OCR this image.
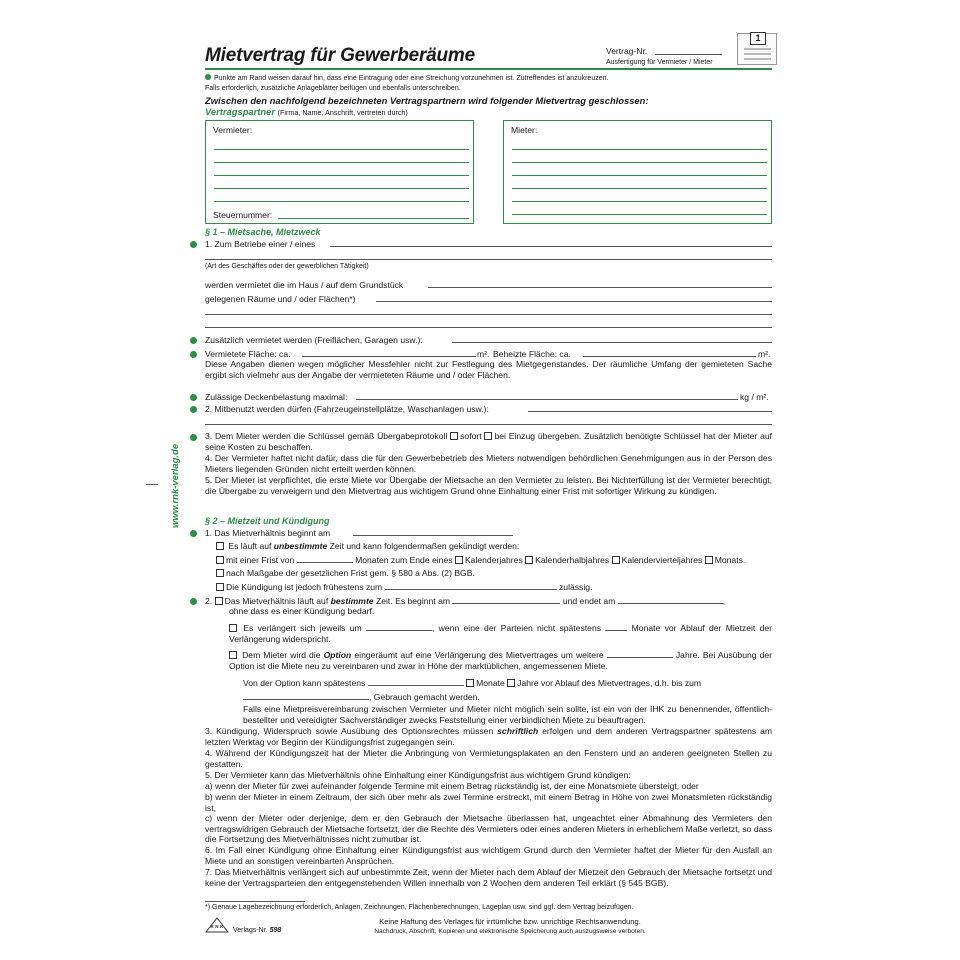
Mietvertrag für Gewerberäume	Vertrag-Nr.
Ausfertigung für Vermieter / Mieter
1
Punkte am Rand weisen darauf hin, dass eine Eintragung oder eine Streichung vorzunehmen ist. Zutreffendes ist anzukreuzen.
Falls erforderlich, zusätzliche Anlageblätter beifügen und ebenfalls unterschreiben.
Zwischen den nachfolgend bezeichneten Vertragspartnern wird folgender Mietvertrag geschlossen:
Vertragspartner (Firma, Name, Anschrift, vertreten durch)
Vermieter:
Steuernummer:
Mieter:
www.rnk-verlag.de
§ 1 – Mietsache, Mietzweck
1. Zum Betriebe einer / eines
(Art des Geschäftes oder der gewerblichen Tätigkeit)
werden vermietet die im Haus / auf dem Grundstück
gelegenen Räume und / oder Flächen*)
Zusätzlich vermietet werden (Freiflächen, Garagen usw.):
Vermietete Fläche: ca.	m². Beheizte Fläche: ca.	m².
Diese Angaben dienen wegen möglicher Messfehler nicht zur Festlegung des Mietgegenstandes. Der räumliche Umfang der gemieteten Sache ergibt sich vielmehr aus der Angabe der vermieteten Räume und / oder Flächen.
Zulässige Deckenbelastung maximal:	kg / m².
2. Mitbenutzt werden dürfen (Fahrzeugeinstellplätze, Waschanlagen usw.):
3. Dem Mieter werden die Schlüssel gemäß Übergabeprotokoll sofort bei Einzug übergeben. Zusätzlich benötigte Schlüssel hat der Mieter auf seine Kosten zu beschaffen.
4. Der Vermieter haftet nicht dafür, dass die für den Gewerbebetrieb des Mieters notwendigen behördlichen Genehmigungen aus in der Person des Mieters liegenden Gründen nicht erteilt werden können.
5. Der Mieter ist verpflichtet, die erste Miete vor Übergabe der Mietsache an den Vermieter zu leisten. Bei Nichterfüllung ist der Vermieter berechtigt, die Übergabe zu verweigern und den Mietvertrag aus wichtigem Grund ohne Einhaltung einer Frist mit sofortiger Wirkung zu kündigen.
§ 2 – Mietzeit und Kündigung
1. Das Mietverhältnis beginnt am
Es läuft auf unbestimmte Zeit und kann folgendermaßen gekündigt werden:
mit einer Frist von	Monaten zum Ende eines Kalenderjahres Kalenderhalbjahres Kalendervierteljahres Monats.
nach Maßgabe der gesetzlichen Frist gem. § 580 a Abs. (2) BGB.
Die Kündigung ist jedoch frühestens zum	zulässig.
2. Das Mietverhältnis läuft auf bestimmte Zeit. Es beginnt am	und endet am	,
ohne dass es einer Kündigung bedarf.
Es verlängert sich jeweils um	, wenn eine der Parteien nicht spätestens	Monate vor Ablauf der Mietzeit der Verlängerung widerspricht.
Dem Mieter wird die Option eingeräumt auf eine Verlängerung des Mietvertrages um weitere	Jahre. Bei Ausübung der Option ist die Miete neu zu vereinbaren und zwar in Höhe der marktüblichen, angemessenen Miete.
Von der Option kann spätestens	Monate Jahre vor Ablauf des Mietvertrages, d.h. bis zum
, Gebrauch gemacht werden.
Falls eine Mietpreisvereinbarung zwischen Vermieter und Mieter nicht möglich sein sollte, ist ein von der IHK zu benennender, öffentlich-bestellter und vereidigter Sachverständiger zwecks Feststellung einer verbindlichen Miete zu beauftragen.
3. Kündigung, Widerspruch sowie Ausübung des Optionsrechtes müssen schriftlich erfolgen und dem anderen Vertragspartner spätestens am letzten Werktag vor Beginn der Kündigungsfrist zugegangen sein.
4. Während der Kündigungszeit hat der Mieter die Anbringung von Vermietungsplakaten an den Fenstern und an anderen geeigneten Stellen zu gestatten.
5. Der Vermieter kann das Mietverhältnis ohne Einhaltung einer Kündigungsfrist aus wichtigem Grund kündigen:
a) wenn der Mieter für zwei aufeinander folgende Termine mit einem Betrag rückständig ist, der eine Monatsmiete übersteigt, oder
b) wenn der Mieter in einem Zeitraum, der sich über mehr als zwei Termine erstreckt, mit einem Betrag in Höhe von zwei Monatsmieten rückständig ist,
c) wenn der Mieter oder derjenige, dem er den Gebrauch der Mietsache überlassen hat, ungeachtet einer Abmahnung des Vermieters den vertragswidrigen Gebrauch der Mietsache fortsetzt, der die Rechte des Vermieters oder eines anderen Mieters in erheblichem Maße verletzt, so dass die Fortsetzung des Mietverhältnisses nicht zumutbar ist.
6. Im Fall einer Kündigung ohne Einhaltung einer Kündigungsfrist aus wichtigem Grund durch den Vermieter haftet der Mieter für den Ausfall an Miete und an sonstigen vereinbarten Ansprüchen.
7. Das Mietverhältnis verlängert sich auf unbestimmte Zeit, wenn der Mieter nach dem Ablauf der Mietzeit den Gebrauch der Mietsache fortsetzt und keine der Vertragsparteien den entgegenstehenden Willen innerhalb von 2 Wochen dem anderen Teil erklärt (§ 545 BGB).
*) Genaue Lagebezeichnung erforderlich, Anlagen, Zeichnungen, Flächenberechnungen, Lageplan usw. sind ggf. dem Vertrag beizufügen.
R N K
Verlags-Nr. 598
Keine Haftung des Verlages für irrtümliche bzw. unrichtige Rechtsanwendung.
Nachdruck, Abschrift, Kopieren und elektronische Speicherung auch auszugsweise verboten.
